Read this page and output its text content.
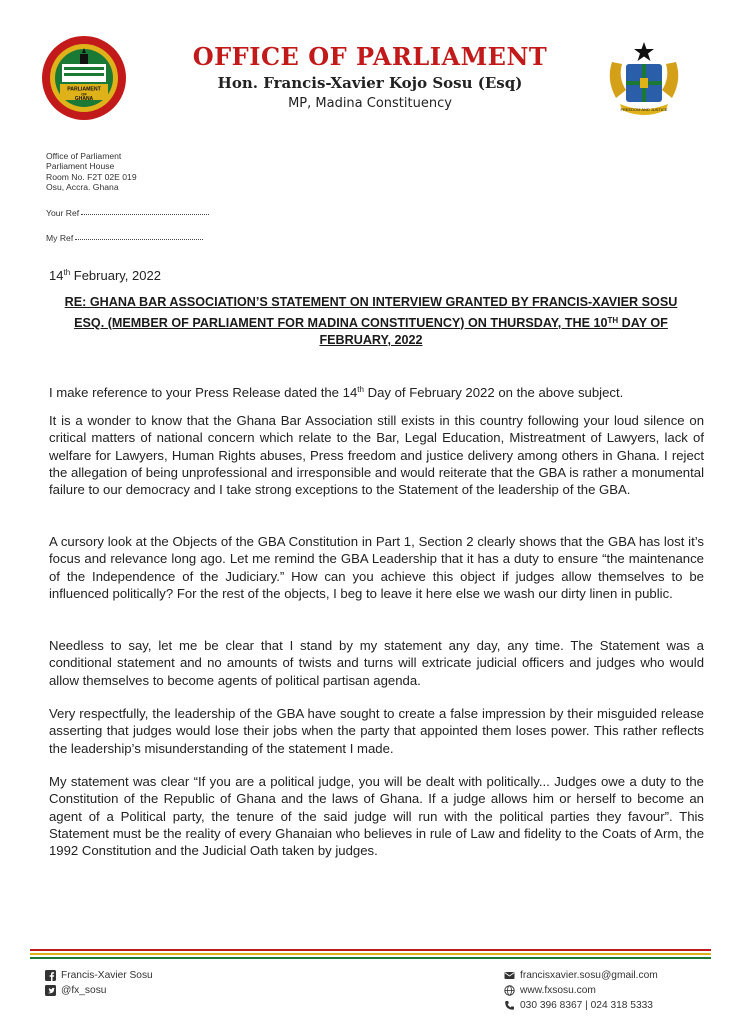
PARLIAMENT
OF
GHANA
OFFICE OF PARLIAMENT
Hon. Francis-Xavier Kojo Sosu (Esq)
MP, Madina Constituency	FREEDOM AND JUSTICE
Office of Parliament
Parliament House
Room No. F2T 02E 019
Osu, Accra. Ghana
Your Ref
My Ref
14th February, 2022
RE: GHANA BAR ASSOCIATION’S STATEMENT ON INTERVIEW GRANTED BY FRANCIS-XAVIER SOSU ESQ. (MEMBER OF PARLIAMENT FOR MADINA CONSTITUENCY) ON THURSDAY, THE 10TH DAY OF FEBRUARY, 2022
I make reference to your Press Release dated the 14th Day of February 2022 on the above subject.
It is a wonder to know that the Ghana Bar Association still exists in this country following your loud silence on critical matters of national concern which relate to the Bar, Legal Education, Mistreatment of Lawyers, lack of welfare for Lawyers, Human Rights abuses, Press freedom and justice delivery among others in Ghana. I reject the allegation of being unprofessional and irresponsible and would reiterate that the GBA is rather a monumental failure to our democracy and I take strong exceptions to the Statement of the leadership of the GBA.
A cursory look at the Objects of the GBA Constitution in Part 1, Section 2 clearly shows that the GBA has lost it’s focus and relevance long ago. Let me remind the GBA Leadership that it has a duty to ensure “the maintenance of the Independence of the Judiciary.” How can you achieve this object if judges allow themselves to be influenced politically? For the rest of the objects, I beg to leave it here else we wash our dirty linen in public.
Needless to say, let me be clear that I stand by my statement any day, any time. The Statement was a conditional statement and no amounts of twists and turns will extricate judicial officers and judges who would allow themselves to become agents of political partisan agenda.
Very respectfully, the leadership of the GBA have sought to create a false impression by their misguided release asserting that judges would lose their jobs when the party that appointed them loses power. This rather reflects the leadership’s misunderstanding of the statement I made.
My statement was clear “If you are a political judge, you will be dealt with politically... Judges owe a duty to the Constitution of the Republic of Ghana and the laws of Ghana. If a judge allows him or herself to become an agent of a Political party, the tenure of the said judge will run with the political parties they favour”. This Statement must be the reality of every Ghanaian who believes in rule of Law and fidelity to the Coats of Arm, the 1992 Constitution and the Judicial Oath taken by judges.
Francis-Xavier Sosu
@fx_sosu
francisxavier.sosu@gmail.com
www.fxsosu.com
030 396 8367 | 024 318 5333
